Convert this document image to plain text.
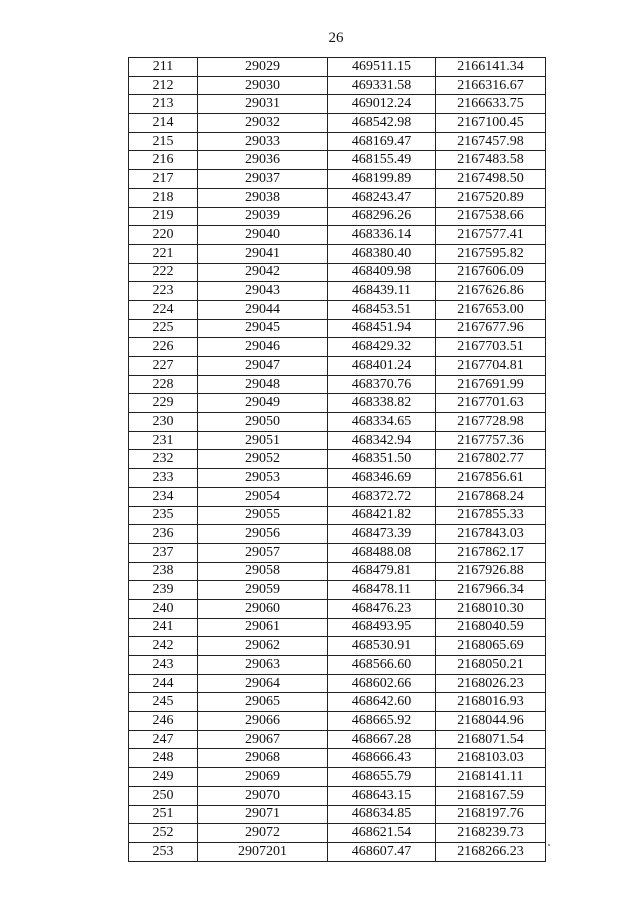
26
211	29029	469511.15	2166141.34
212	29030	469331.58	2166316.67
213	29031	469012.24	2166633.75
214	29032	468542.98	2167100.45
215	29033	468169.47	2167457.98
216	29036	468155.49	2167483.58
217	29037	468199.89	2167498.50
218	29038	468243.47	2167520.89
219	29039	468296.26	2167538.66
220	29040	468336.14	2167577.41
221	29041	468380.40	2167595.82
222	29042	468409.98	2167606.09
223	29043	468439.11	2167626.86
224	29044	468453.51	2167653.00
225	29045	468451.94	2167677.96
226	29046	468429.32	2167703.51
227	29047	468401.24	2167704.81
228	29048	468370.76	2167691.99
229	29049	468338.82	2167701.63
230	29050	468334.65	2167728.98
231	29051	468342.94	2167757.36
232	29052	468351.50	2167802.77
233	29053	468346.69	2167856.61
234	29054	468372.72	2167868.24
235	29055	468421.82	2167855.33
236	29056	468473.39	2167843.03
237	29057	468488.08	2167862.17
238	29058	468479.81	2167926.88
239	29059	468478.11	2167966.34
240	29060	468476.23	2168010.30
241	29061	468493.95	2168040.59
242	29062	468530.91	2168065.69
243	29063	468566.60	2168050.21
244	29064	468602.66	2168026.23
245	29065	468642.60	2168016.93
246	29066	468665.92	2168044.96
247	29067	468667.28	2168071.54
248	29068	468666.43	2168103.03
249	29069	468655.79	2168141.11
250	29070	468643.15	2168167.59
251	29071	468634.85	2168197.76
252	29072	468621.54	2168239.73
253	2907201	468607.47	2168266.23
